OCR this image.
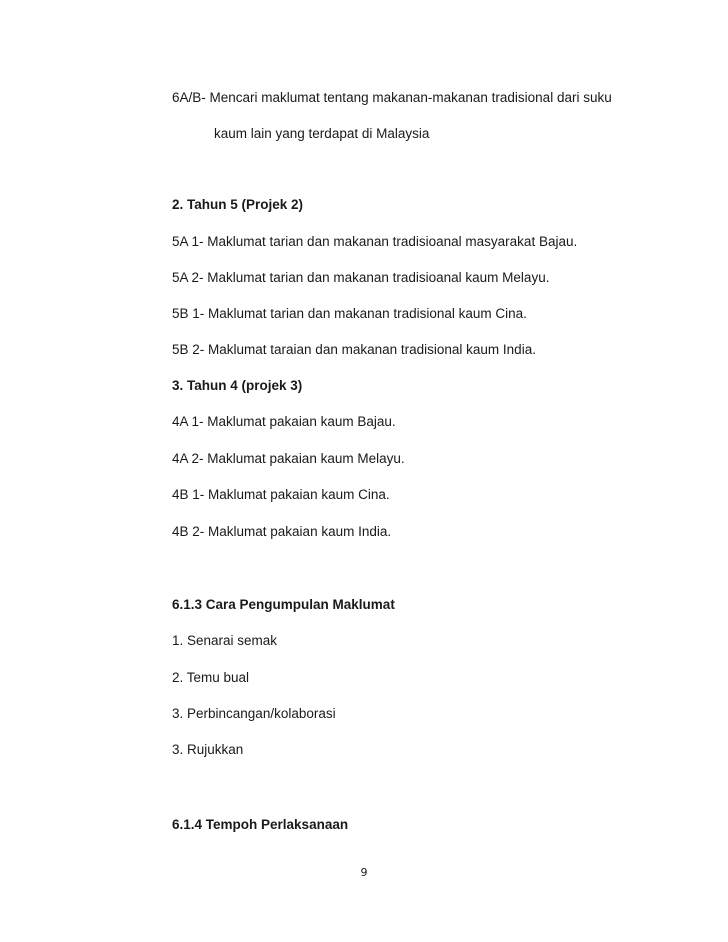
6A/B- Mencari maklumat tentang makanan-makanan tradisional dari suku
kaum lain yang terdapat di Malaysia
2. Tahun 5 (Projek 2)
5A 1- Maklumat tarian dan makanan tradisioanal masyarakat Bajau.
5A 2- Maklumat tarian dan makanan tradisioanal kaum Melayu.
5B 1- Maklumat tarian dan makanan tradisional kaum Cina.
5B 2- Maklumat taraian dan makanan tradisional kaum India.
3. Tahun 4 (projek 3)
4A 1- Maklumat pakaian kaum Bajau.
4A 2- Maklumat pakaian kaum Melayu.
4B 1- Maklumat pakaian kaum Cina.
4B 2- Maklumat pakaian kaum India.
6.1.3 Cara Pengumpulan Maklumat
1. Senarai semak
2. Temu bual
3. Perbincangan/kolaborasi
3. Rujukkan
6.1.4 Tempoh Perlaksanaan
9
